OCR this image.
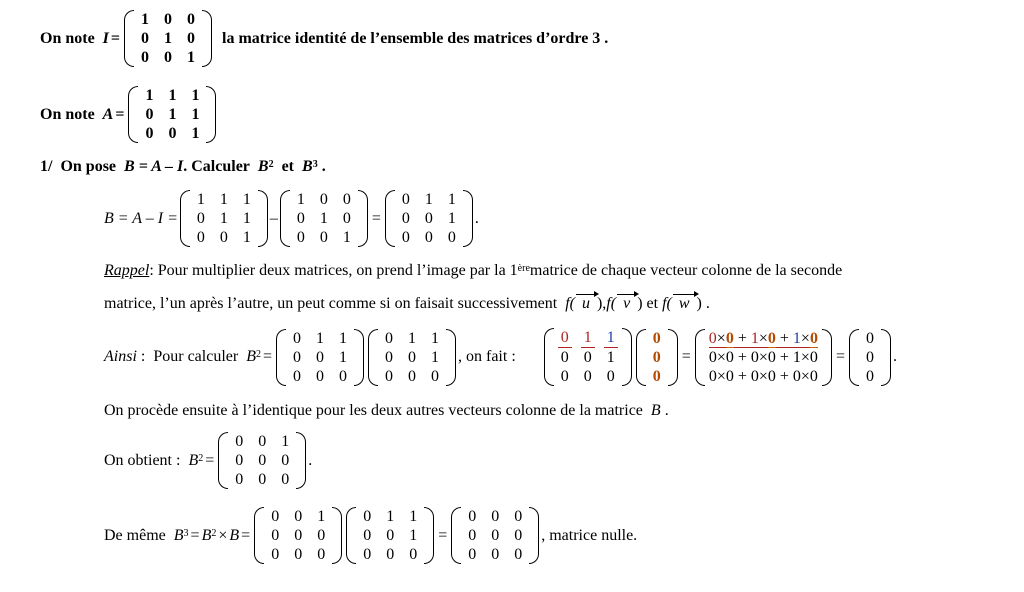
On note I =
1 0 0
0 1 0
0 0 1
la matrice identité de l’ensemble des matrices d’ordre 3 .
On note A =
1 1 1
0 1 1
0 0 1
1/ On pose B = A – I . Calculer $B^2$ et $B^3$ .
B = A – I =
1 1 1
0 1 1
0 0 1
–
1 0 0
0 1 0
0 0 1
=
0 1 1
0 0 1
0 0 0
.
Rappel : Pour multiplier deux matrices, on prend l’image par la 1ère matrice de chaque vecteur colonne de la seconde
matrice, l’un après l’autre, un peut comme si on faisait successivement f( u ) , f( v ) et f( w ) .
Ainsi :  Pour calculer $B^2$ =
0 1 1
0 0 1
0 0 0
0 1 1
0 0 1
0 0 0
, on fait :
0 1 1
0 0 1
0 0 0
0
0
0
=
0×0 + 1×0 + 1×0
0×0 + 0×0 + 1×0
0×0 + 0×0 + 0×0
=
0
0
0
.
On procède ensuite à l’identique pour les deux autres vecteurs colonne de la matrice B .
On obtient : $B^2$ =
0 0 1
0 0 0
0 0 0
.
De même $B^3 = B^2 \times B$ =
0 0 1
0 0 0
0 0 0
0 1 1
0 0 1
0 0 0
=
0 0 0
0 0 0
0 0 0
, matrice nulle.
